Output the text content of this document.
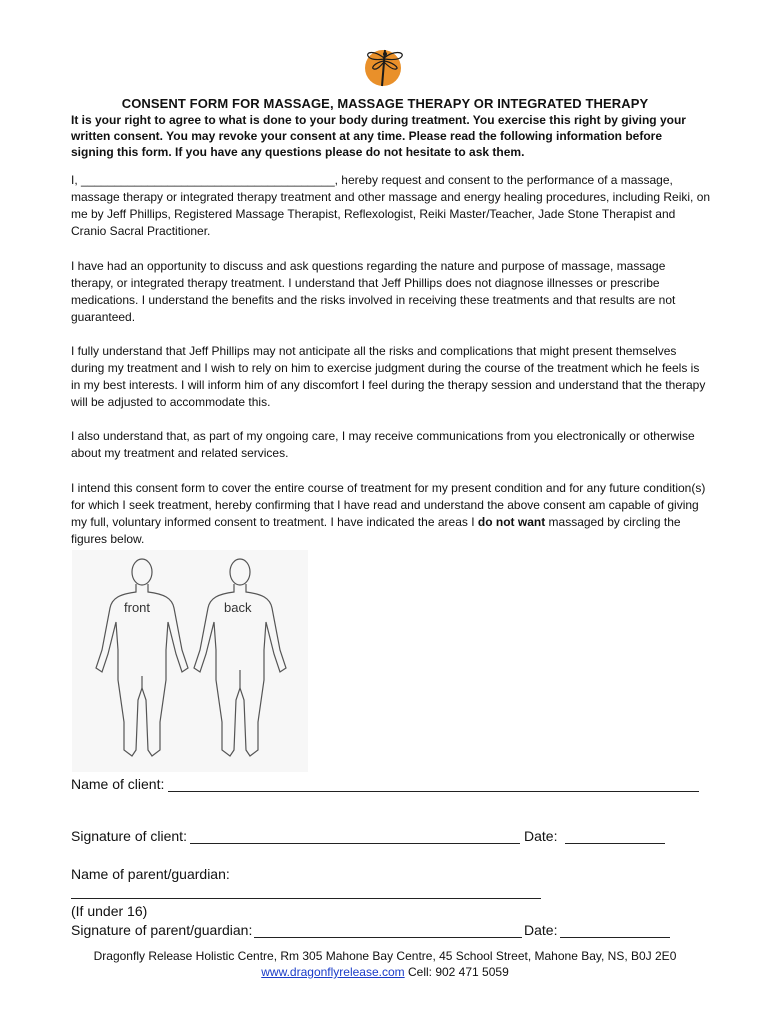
CONSENT FORM FOR MASSAGE, MASSAGE THERAPY OR INTEGRATED THERAPY
It is your right to agree to what is done to your body during treatment. You exercise this right by giving your written consent. You may revoke your consent at any time. Please read the following information before signing this form. If you have any questions please do not hesitate to ask them.
I, ______________________________________, hereby request and consent to the performance of a massage, massage therapy or integrated therapy treatment and other massage and energy healing procedures, including Reiki, on me by Jeff Phillips, Registered Massage Therapist, Reflexologist, Reiki Master/Teacher, Jade Stone Therapist and Cranio Sacral Practitioner.
I have had an opportunity to discuss and ask questions regarding the nature and purpose of massage, massage therapy, or integrated therapy treatment. I understand that Jeff Phillips does not diagnose illnesses or prescribe medications. I understand the benefits and the risks involved in receiving these treatments and that results are not guaranteed.
I fully understand that Jeff Phillips may not anticipate all the risks and complications that might present themselves during my treatment and I wish to rely on him to exercise judgment during the course of the treatment which he feels is in my best interests. I will inform him of any discomfort I feel during the therapy session and understand that the therapy will be adjusted to accommodate this.
I also understand that, as part of my ongoing care, I may receive communications from you electronically or otherwise about my treatment and related services.
I intend this consent form to cover the entire course of treatment for my present condition and for any future condition(s) for which I seek treatment, hereby confirming that I have read and understand the above consent am capable of giving my full, voluntary informed consent to treatment. I have indicated the areas I do not want massaged by circling the figures below.
front	back
Name of client:
Signature of client:	Date:
Name of parent/guardian:
(If under 16)
Signature of parent/guardian:	Date:
Dragonfly Release Holistic Centre, Rm 305 Mahone Bay Centre, 45 School Street, Mahone Bay, NS, B0J 2E0
www.dragonflyrelease.com Cell: 902 471 5059
